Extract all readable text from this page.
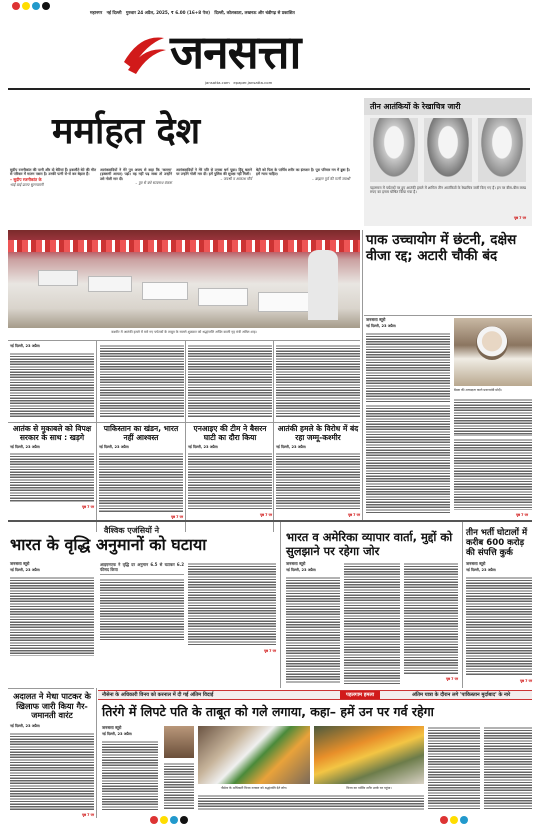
महानगर नई दिल्ली गुरुवार 24 अप्रैल, 2025, ₹ 6.00 (16+8 पेज) दिल्ली, कोलकाता, लखनऊ और चंडीगढ़ से प्रकाशित
जनसत्ता
jansatta.com epaper.jansatta.com
मर्माहत देश
सुदीप रजनीकांत की पत्नी और दो बेटियां हैं। इकलौते बेटे की मौत से परिवार में मातम पसरा है। उनकी पत्नी रो-रो कर बेहाल हैं।
– सुदीप रजनीकांत के
भाई बाई प्रताप सुरनपल्ली
आतंकवादियों ने मेरे पुत्र अजय से कहा कि 'कलमा' (इस्लामी आयत) पढ़ो। वह नहीं पढ़ सका तो उन्होंने उसे गोली मार दी।
– पुत्र से बंधे सत्यनाथ बंकरू
आतंकवादियों ने मेरे पति से उनका धर्म पूछा। हिंदू बताने पर उन्होंने गोली मार दी। हमें पुलिस की सुरक्षा नहीं मिली।
– जयश्री व आकाश मौर्य
बेटी को पिता के पार्थिव शरीर का इंतजार है। पूरा परिवार गम में डूबा है। हमें न्याय चाहिए।
– ब्राह्मण पूर्व की पत्नी जयश्री
कश्मीर में आतंकी हमले में मारे गए पर्यटकों के ताबूत के सामने शुक्रवार को श्रद्धांजलि अर्पित करती गृह मंत्री अमित शाह।
तीन आतंकियों के रेखाचित्र जारी
पहलगाम में पर्यटकों पर हुए आतंकी हमले में शामिल तीन आतंकियों के रेखाचित्र जारी किए गए हैं। इन पर बीस-बीस लाख रुपए का इनाम घोषित किया गया है।
पृष्ठ 7 पर
पाक उच्चायोग में छंटनी, दक्षेस वीजा रद्द; अटारी चौकी बंद
जनसत्ता ब्यूरो
नई दिल्ली, 23 अप्रैल।
बैठक की अध्यक्षता करते प्रधानमंत्री मोदी।
पृष्ठ 7 पर
नई दिल्ली, 23 अप्रैल।
आतंक से मुकाबले को विपक्ष सरकार के साथ : खड़गे
नई दिल्ली, 23 अप्रैल।
पृष्ठ 7 पर
पाकिस्तान का खंडन, भारत नहीं आश्वस्त
नई दिल्ली, 23 अप्रैल।
पृष्ठ 7 पर
एनआइए की टीम ने बैसरन घाटी का दौरा किया
नई दिल्ली, 23 अप्रैल।
पृष्ठ 7 पर
आतंकी हमले के विरोध में बंद रहा जम्मू-कश्मीर
नई दिल्ली, 23 अप्रैल।
पृष्ठ 7 पर
वैश्विक एजंसियों ने
भारत के वृद्धि अनुमानों को घटाया
जनसत्ता ब्यूरो
नई दिल्ली, 23 अप्रैल।
आइएमएफ ने वृद्धि दर अनुमान 6.5 से घटाकर 6.2 फीसद किया
पृष्ठ 7 पर
भारत व अमेरिका व्यापार वार्ता, मुद्दों को सुलझाने पर रहेगा जोर
जनसत्ता ब्यूरो
नई दिल्ली, 23 अप्रैल।
पृष्ठ 7 पर
तीन भर्ती घोटालों में करीब 600 करोड़ की संपत्ति कुर्क
जनसत्ता ब्यूरो
नई दिल्ली, 23 अप्रैल।
पृष्ठ 7 पर
अदालत ने मेधा पाटकर के खिलाफ जारी किया गैर-जमानती वारंट
नई दिल्ली, 23 अप्रैल।
पृष्ठ 7 पर
नौसेना के अधिकारी विनय को करनाल में दी गई अंतिम विदाई	पहलगाम हमला	अंतिम यात्रा के दौरान लगे 'पाकिस्तान मुर्दाबाद' के नारे
तिरंगे में लिपटे पति के ताबूत को गले लगाया, कहा– हमें उन पर गर्व रहेगा
जनसत्ता ब्यूरो
नई दिल्ली, 23 अप्रैल।
नौसेना के अधिकारी विनय नरवाल को श्रद्धांजलि देते लोग।	विनय का पार्थिव शरीर उनके घर पहुंचा।
